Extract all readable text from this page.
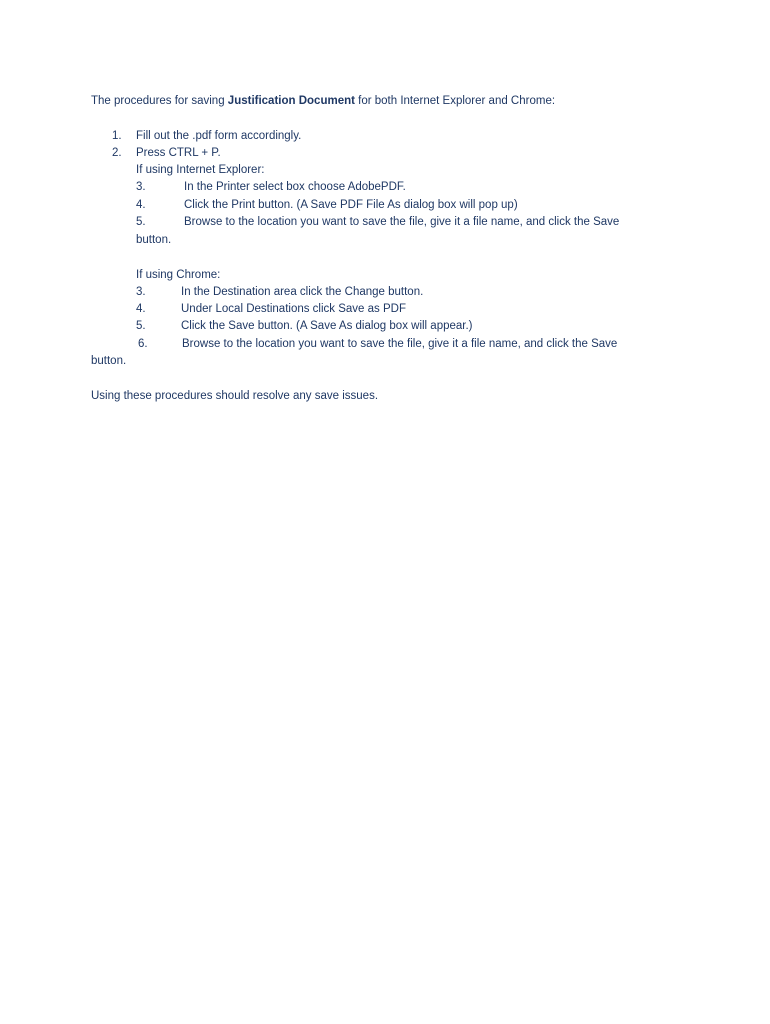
The procedures for saving Justification Document for both Internet Explorer and Chrome:
1. Fill out the .pdf form accordingly.
2. Press CTRL + P.
If using Internet Explorer:
3.	In the Printer select box choose AdobePDF.
4.	Click the Print button. (A Save PDF File As dialog box will pop up)
5.	Browse to the location you want to save the file, give it a file name, and click the Save
button.
If using Chrome:
3.	In the Destination area click the Change button.
4.	Under Local Destinations click Save as PDF
5.	Click the Save button. (A Save As dialog box will appear.)
6.	Browse to the location you want to save the file, give it a file name, and click the Save
button.
Using these procedures should resolve any save issues.
